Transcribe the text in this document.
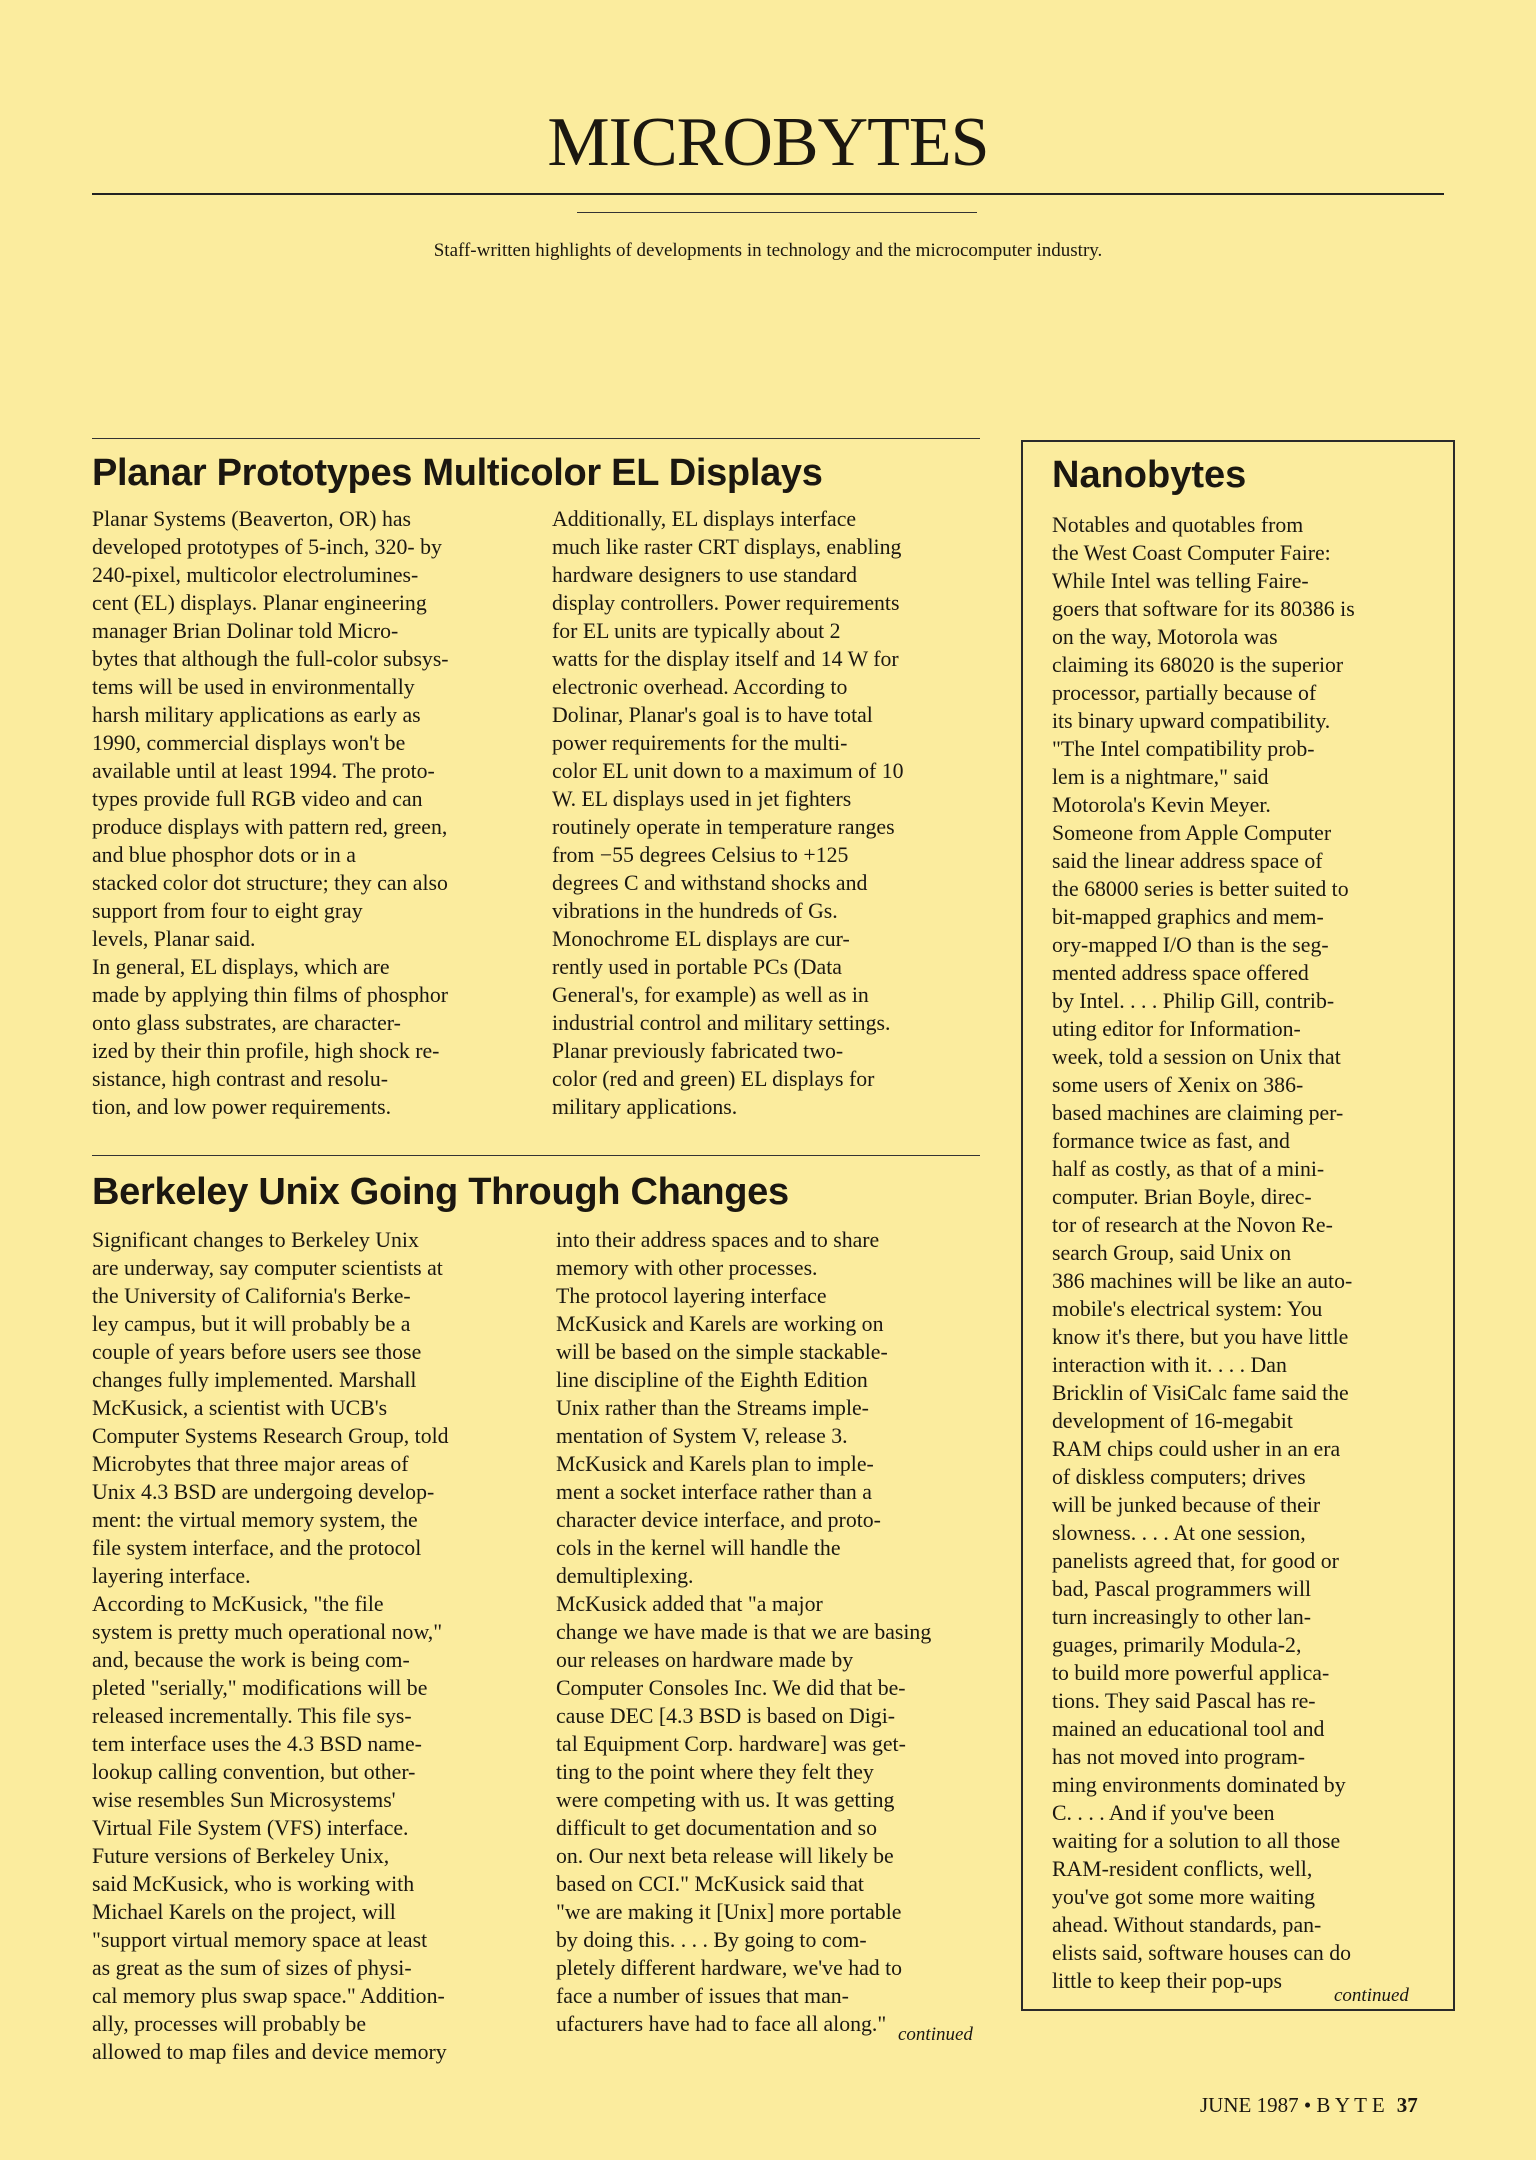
MICROBYTES
Staff-written highlights of developments in technology and the microcomputer industry.
Planar Prototypes Multicolor EL Displays
Planar Systems (Beaverton, OR) has
developed prototypes of 5-inch, 320- by
240-pixel, multicolor electrolumines-
cent (EL) displays. Planar engineering
manager Brian Dolinar told Micro-
bytes that although the full-color subsys-
tems will be used in environmentally
harsh military applications as early as
1990, commercial displays won't be
available until at least 1994. The proto-
types provide full RGB video and can
produce displays with pattern red, green,
and blue phosphor dots or in a
stacked color dot structure; they can also
support from four to eight gray
levels, Planar said.
In general, EL displays, which are
made by applying thin films of phosphor
onto glass substrates, are character-
ized by their thin profile, high shock re-
sistance, high contrast and resolu-
tion, and low power requirements.
Additionally, EL displays interface
much like raster CRT displays, enabling
hardware designers to use standard
display controllers. Power requirements
for EL units are typically about 2
watts for the display itself and 14 W for
electronic overhead. According to
Dolinar, Planar's goal is to have total
power requirements for the multi-
color EL unit down to a maximum of 10
W. EL displays used in jet fighters
routinely operate in temperature ranges
from −55 degrees Celsius to +125
degrees C and withstand shocks and
vibrations in the hundreds of Gs.
Monochrome EL displays are cur-
rently used in portable PCs (Data
General's, for example) as well as in
industrial control and military settings.
Planar previously fabricated two-
color (red and green) EL displays for
military applications.
Berkeley Unix Going Through Changes
Significant changes to Berkeley Unix
are underway, say computer scientists at
the University of California's Berke-
ley campus, but it will probably be a
couple of years before users see those
changes fully implemented. Marshall
McKusick, a scientist with UCB's
Computer Systems Research Group, told
Microbytes that three major areas of
Unix 4.3 BSD are undergoing develop-
ment: the virtual memory system, the
file system interface, and the protocol
layering interface.
According to McKusick, "the file
system is pretty much operational now,"
and, because the work is being com-
pleted "serially," modifications will be
released incrementally. This file sys-
tem interface uses the 4.3 BSD name-
lookup calling convention, but other-
wise resembles Sun Microsystems'
Virtual File System (VFS) interface.
Future versions of Berkeley Unix,
said McKusick, who is working with
Michael Karels on the project, will
"support virtual memory space at least
as great as the sum of sizes of physi-
cal memory plus swap space." Addition-
ally, processes will probably be
allowed to map files and device memory
into their address spaces and to share
memory with other processes.
The protocol layering interface
McKusick and Karels are working on
will be based on the simple stackable-
line discipline of the Eighth Edition
Unix rather than the Streams imple-
mentation of System V, release 3.
McKusick and Karels plan to imple-
ment a socket interface rather than a
character device interface, and proto-
cols in the kernel will handle the
demultiplexing.
McKusick added that "a major
change we have made is that we are basing
our releases on hardware made by
Computer Consoles Inc. We did that be-
cause DEC [4.3 BSD is based on Digi-
tal Equipment Corp. hardware] was get-
ting to the point where they felt they
were competing with us. It was getting
difficult to get documentation and so
on. Our next beta release will likely be
based on CCI." McKusick said that
"we are making it [Unix] more portable
by doing this. . . . By going to com-
pletely different hardware, we've had to
face a number of issues that man-
ufacturers have had to face all along." continued
Nanobytes
Notables and quotables from
the West Coast Computer Faire:
While Intel was telling Faire-
goers that software for its 80386 is
on the way, Motorola was
claiming its 68020 is the superior
processor, partially because of
its binary upward compatibility.
"The Intel compatibility prob-
lem is a nightmare," said
Motorola's Kevin Meyer.
Someone from Apple Computer
said the linear address space of
the 68000 series is better suited to
bit-mapped graphics and mem-
ory-mapped I/O than is the seg-
mented address space offered
by Intel. . . . Philip Gill, contrib-
uting editor for Information-
week, told a session on Unix that
some users of Xenix on 386-
based machines are claiming per-
formance twice as fast, and
half as costly, as that of a mini-
computer. Brian Boyle, direc-
tor of research at the Novon Re-
search Group, said Unix on
386 machines will be like an auto-
mobile's electrical system: You
know it's there, but you have little
interaction with it. . . . Dan
Bricklin of VisiCalc fame said the
development of 16-megabit
RAM chips could usher in an era
of diskless computers; drives
will be junked because of their
slowness. . . . At one session,
panelists agreed that, for good or
bad, Pascal programmers will
turn increasingly to other lan-
guages, primarily Modula-2,
to build more powerful applica-
tions. They said Pascal has re-
mained an educational tool and
has not moved into program-
ming environments dominated by
C. . . . And if you've been
waiting for a solution to all those
RAM-resident conflicts, well,
you've got some more waiting
ahead. Without standards, pan-
elists said, software houses can do
little to keep their pop-ups
continued
JUNE 1987 • B Y T E 37
